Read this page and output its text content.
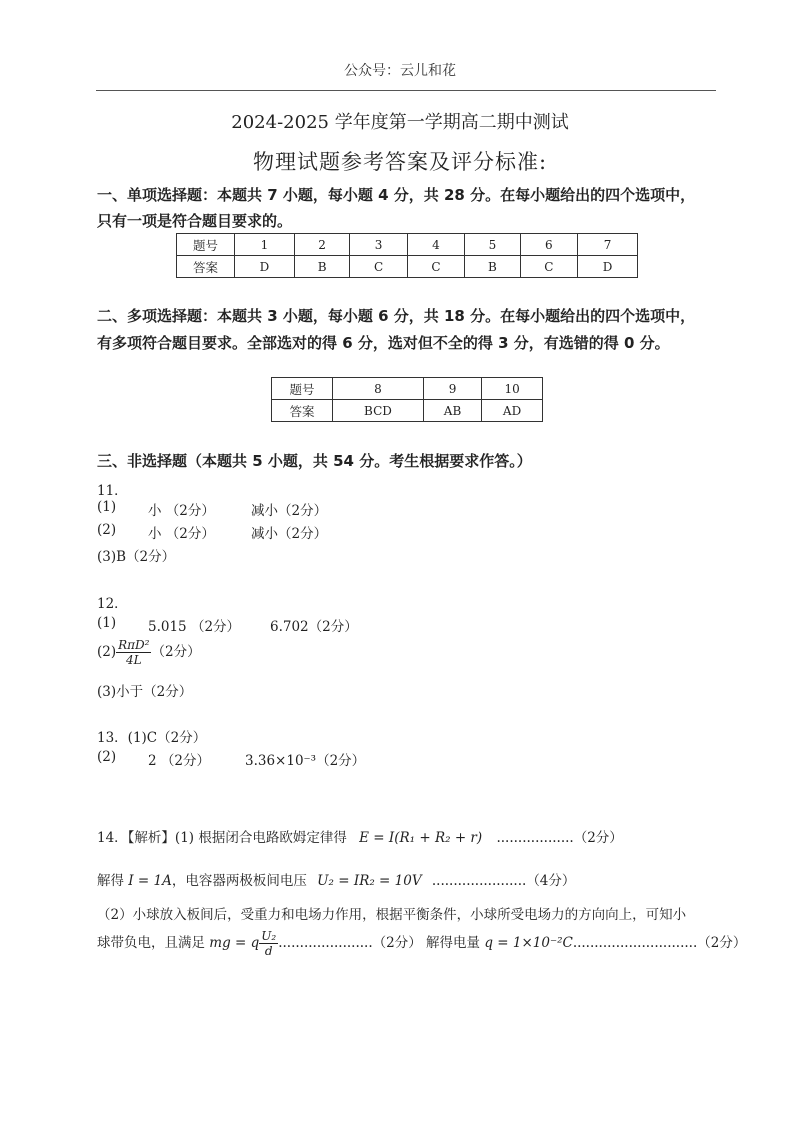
公众号：云儿和花
2024-2025 学年度第一学期高二期中测试
物理试题参考答案及评分标准:
一、单项选择题：本题共 7 小题，每小题 4 分，共 28 分。在每小题给出的四个选项中，
只有一项是符合题目要求的。
题号	1	2	3	4	5	6	7
答案	D	B	C	C	B	C	D
二、多项选择题：本题共 3 小题，每小题 6 分，共 18 分。在每小题给出的四个选项中，
有多项符合题目要求。全部选对的得 6 分，选对但不全的得 3 分，有选错的得 0 分。
题号	8	9	10
答案	BCD	AB	AD
三、非选择题（本题共 5 小题，共 54 分。考生根据要求作答。）
11．
(1) 小 （2分）	减小（2分）
(2) 小 （2分）	减小（2分）
(3)B（2分）
12．
(1) 5.015 （2分） 6.702（2分）
$(2) \frac{\text{RπD²}}{4L} (2$分）
(3)小于（2分）
13．(1)C（2分）
(2) 2 （2分）	3.36×10⁻³（2分）
14．【解析】(1) 根据闭合电路欧姆定律得 E = I(R₁ + R₂ + r) ..................（2分）
解得 I = 1A，电容器两极板间电压 U₂ = IR₂ = 10V ......................（4分）
（2）小球放入板间后，受重力和电场力作用，根据平衡条件，小球所受电场力的方向向上，可知小
球带负电，且满足 mg = q $\frac{\text{U₂}}{d} ......................(2$分） 解得电量 q = 1×10⁻²C.............................（2分）
